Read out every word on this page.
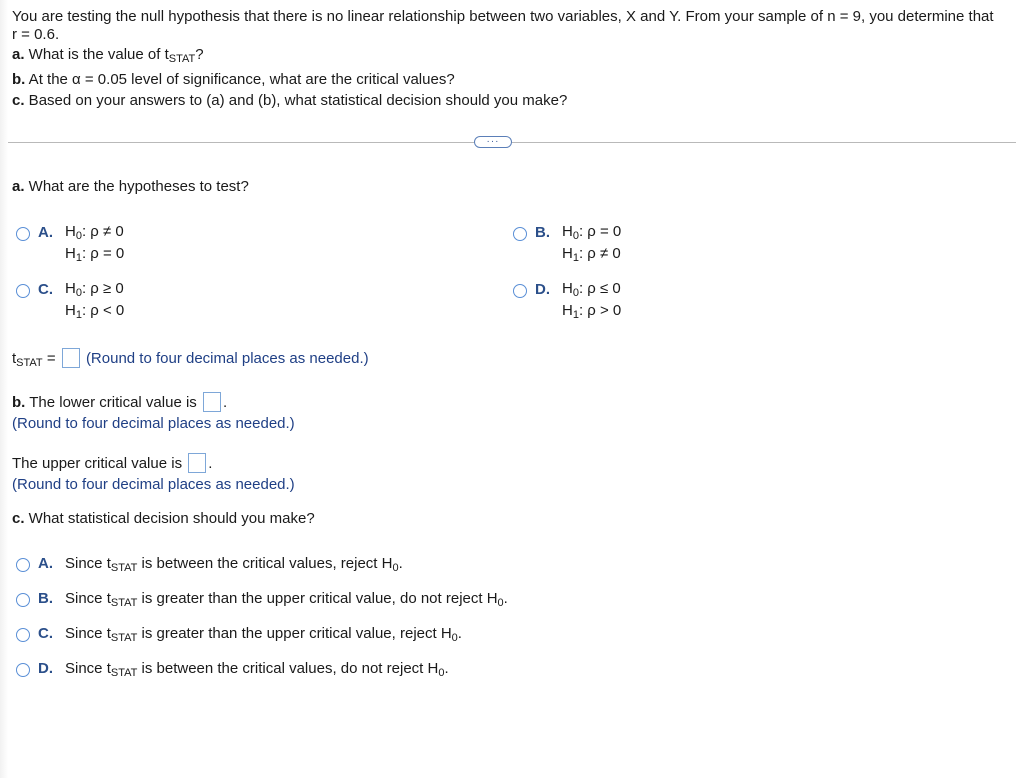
You are testing the null hypothesis that there is no linear relationship between two variables, X and Y. From your sample of n = 9, you determine that
r = 0.6.
a. What is the value of $t_{STAT}$?
b. At the α = 0.05 level of significance, what are the critical values?
c. Based on your answers to (a) and (b), what statistical decision should you make?
···
a. What are the hypotheses to test?
A. $H_0$: ρ ≠ 0
$H_1$: ρ = 0
B. $H_0$: ρ = 0
$H_1$: ρ ≠ 0
C. $H_0$: ρ ≥ 0
$H_1$: ρ < 0
D. $H_0$: ρ ≤ 0
$H_1$: ρ > 0
$t_{STAT}$ = (Round to four decimal places as needed.)
b. The lower critical value is .
(Round to four decimal places as needed.)
The upper critical value is .
(Round to four decimal places as needed.)
c. What statistical decision should you make?
A. Since $t_{STAT}$ is between the critical values, reject $H_0$.
B. Since $t_{STAT}$ is greater than the upper critical value, do not reject $H_0$.
C. Since $t_{STAT}$ is greater than the upper critical value, reject $H_0$.
D. Since $t_{STAT}$ is between the critical values, do not reject $H_0$.
